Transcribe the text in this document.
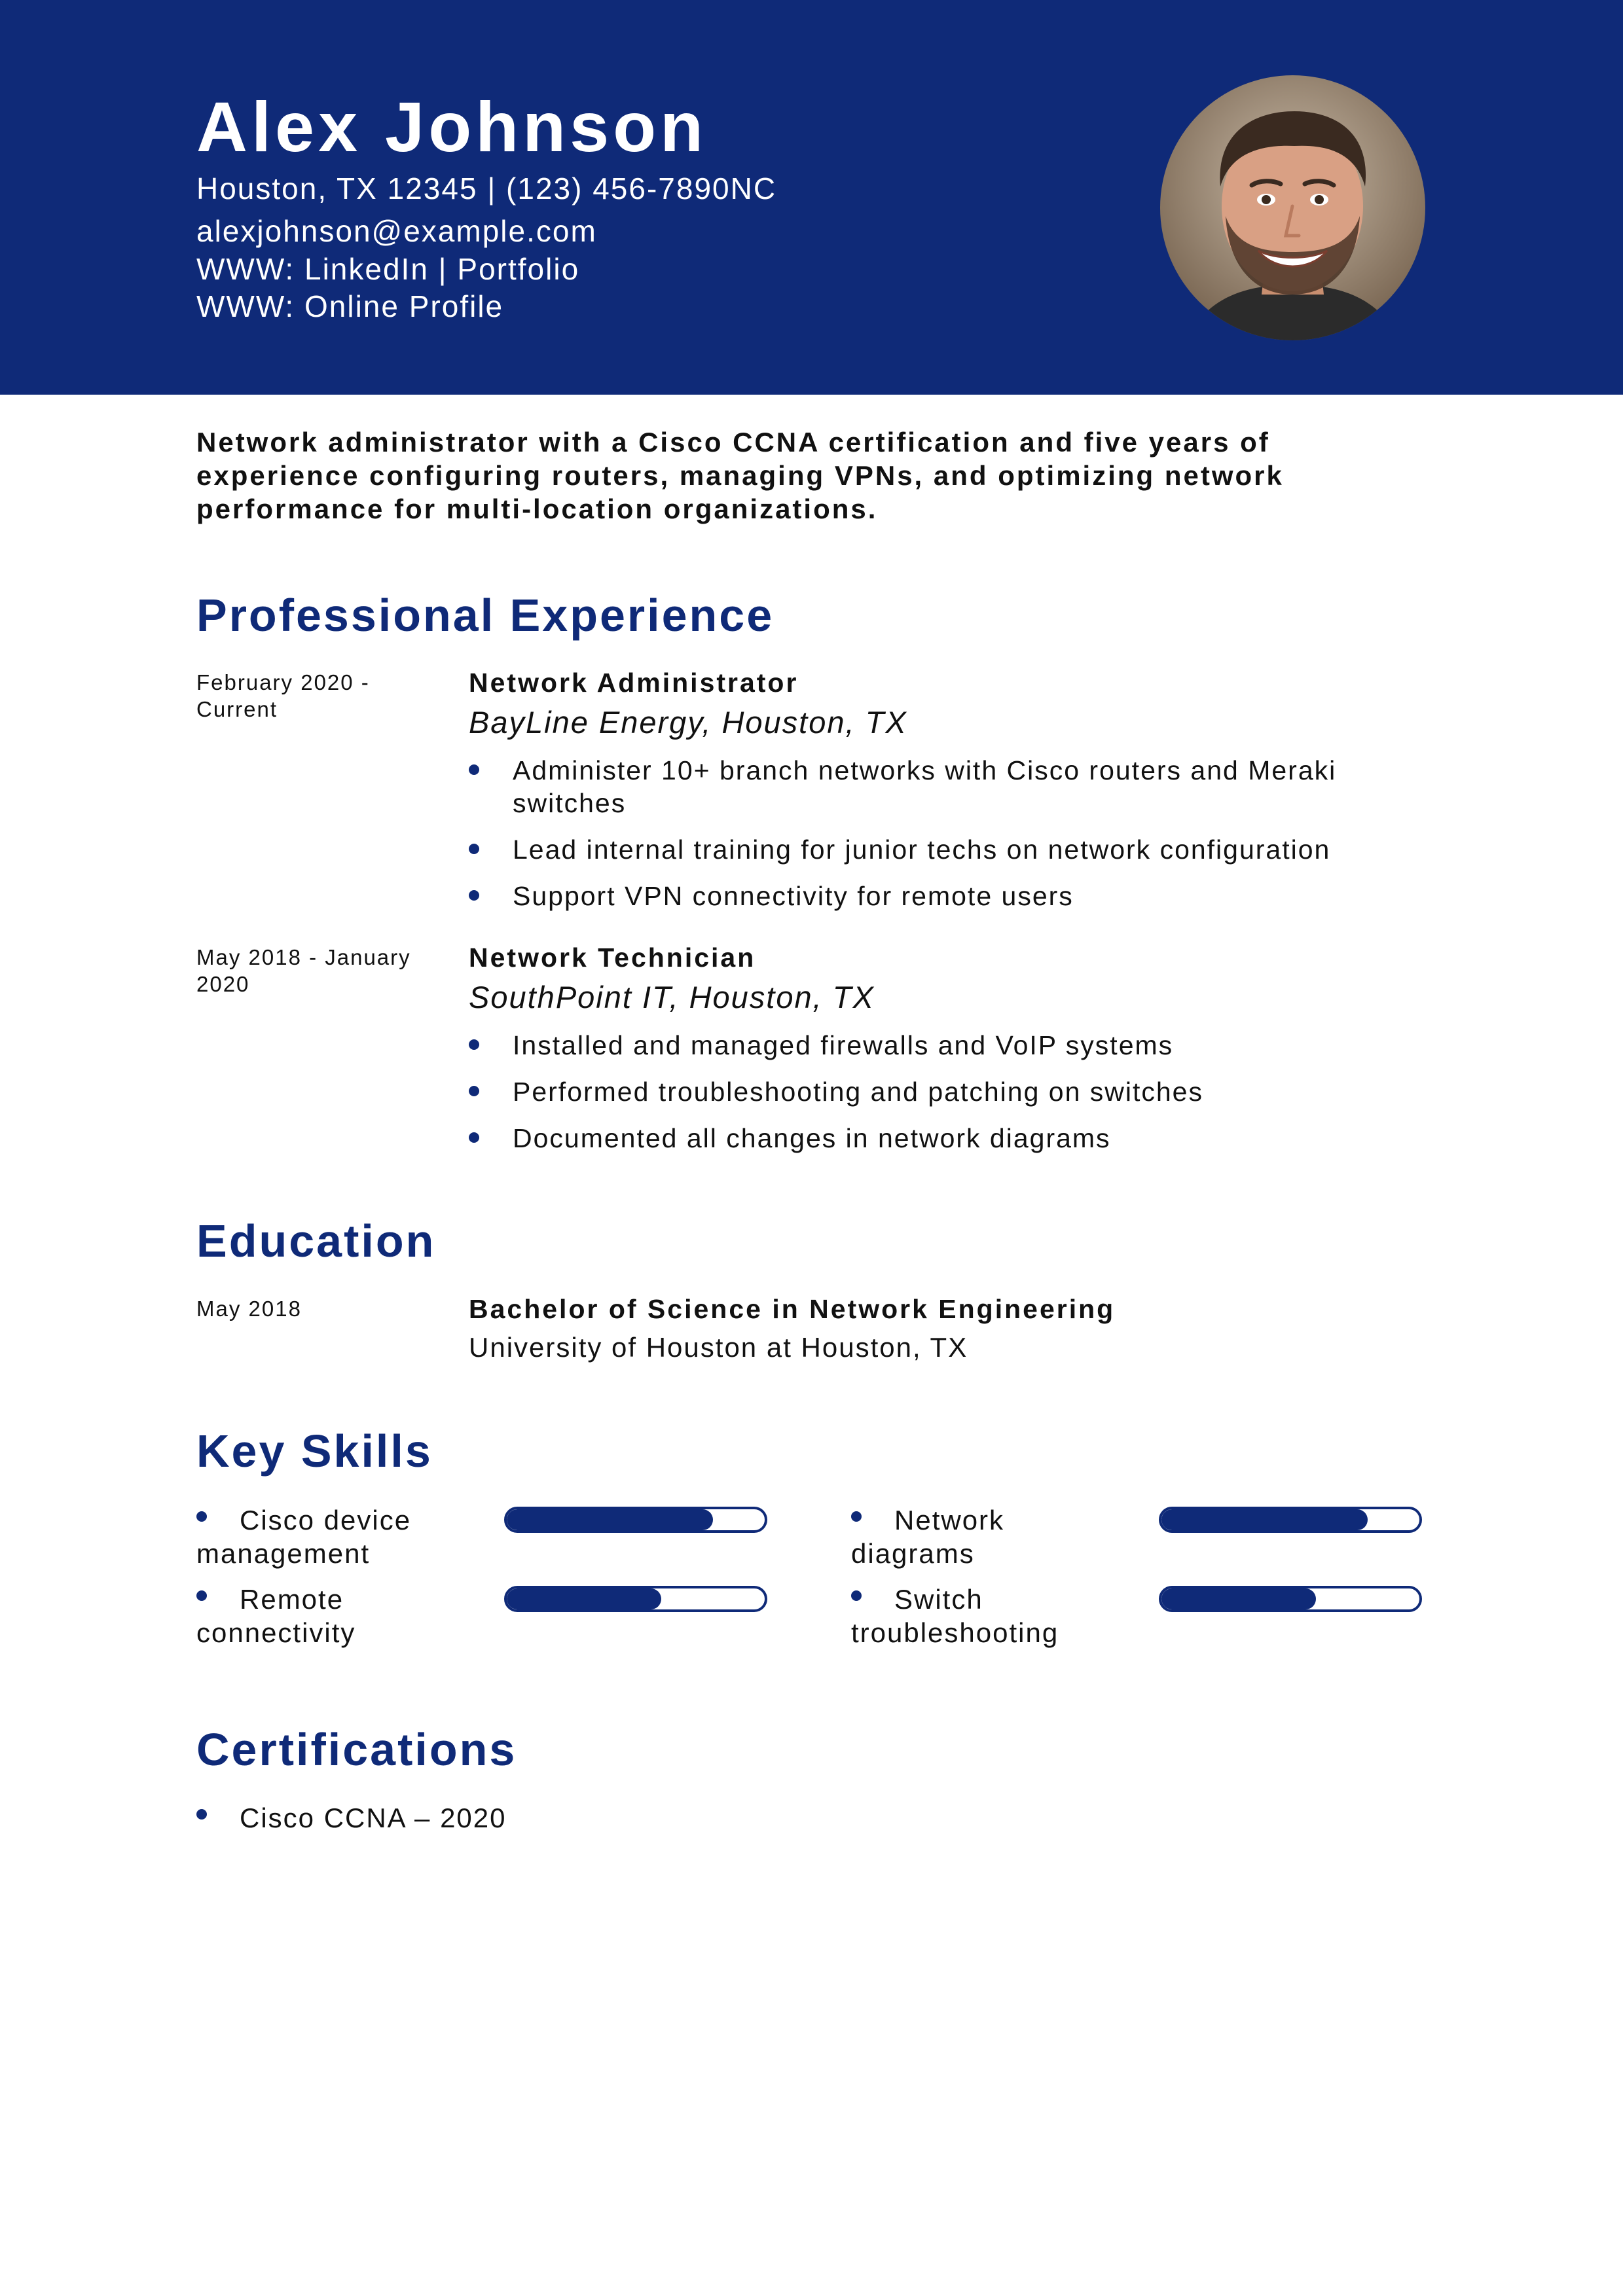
Alex Johnson
Houston, TX 12345 | (123) 456-7890NC
alexjohnson@example.com
WWW: LinkedIn | Portfolio
WWW: Online Profile
Network administrator with a Cisco CCNA certification and five years of experience configuring routers, managing VPNs, and optimizing network performance for multi-location organizations.
Professional Experience
February 2020 - Current
Network Administrator
BayLine Energy, Houston, TX
Administer 10+ branch networks with Cisco routers and Meraki switches
Lead internal training for junior techs on network configuration
Support VPN connectivity for remote users
May 2018 - January 2020
Network Technician
SouthPoint IT, Houston, TX
Installed and managed firewalls and VoIP systems
Performed troubleshooting and patching on switches
Documented all changes in network diagrams
Education
May 2018	Bachelor of Science in Network Engineering
University of Houston at Houston, TX
Key Skills
Cisco device management
Network diagrams
Remote connectivity
Switch troubleshooting
Certifications
Cisco CCNA – 2020
